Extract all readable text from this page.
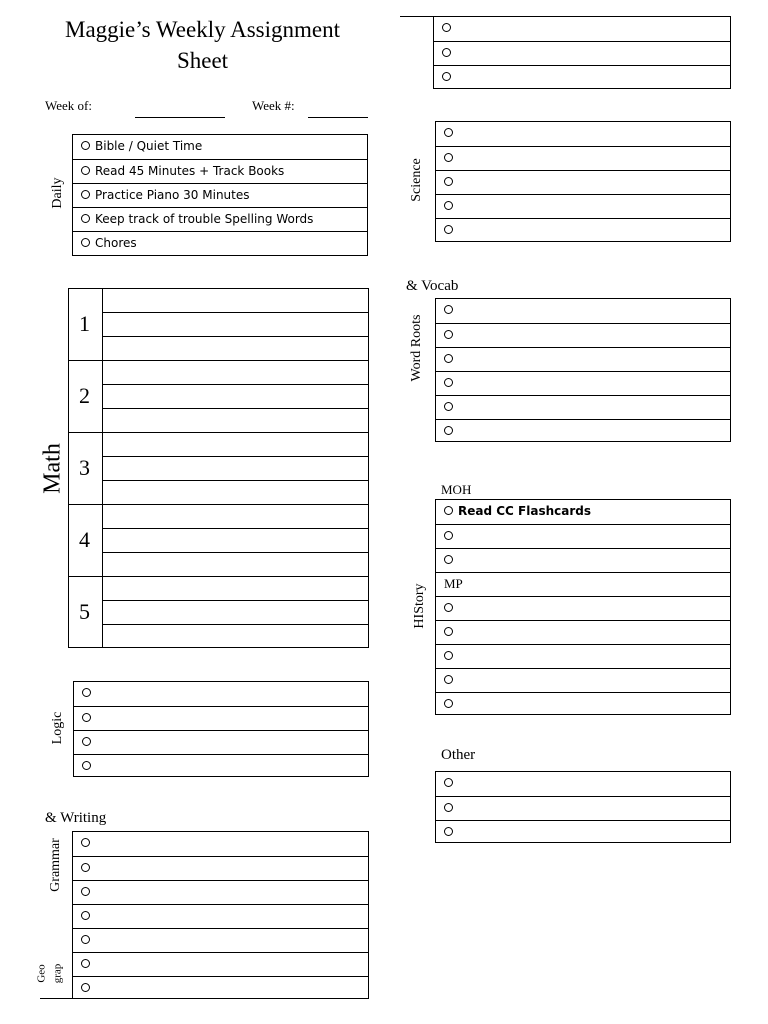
Maggie’s Weekly Assignment
Sheet
Week of:	Week #:
Daily
Bible / Quiet Time
Read 45 Minutes + Track Books
Practice Piano 30 Minutes
Keep track of trouble Spelling Words
Chores
Math
1
2
3
4
5
Logic
& Writing
Grammar
Geo grap
Science
& Vocab
Word Roots
MOH
HIStory
Read CC Flashcards
MP
Other
